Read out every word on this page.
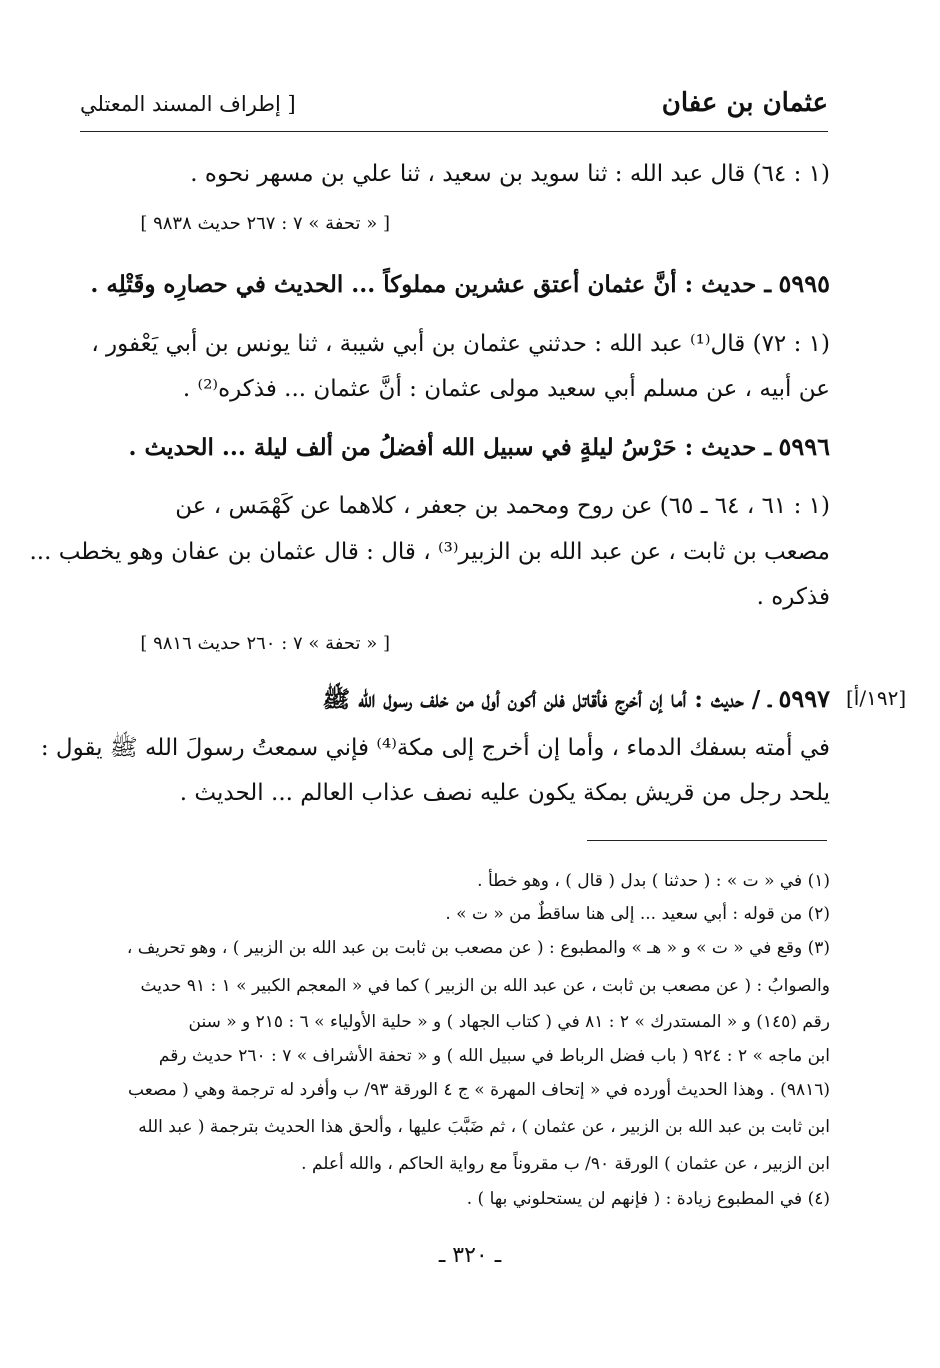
عثمان بن عفان
[ إطراف المسند المعتلي
(١ : ٦٤) قال عبد الله : ثنا سويد بن سعيد ، ثنا علي بن مسهر نحوه .
[ « تحفة » ٧ : ٢٦٧ حديث ٩٨٣٨ ]
٥٩٩٥ ـ حديث : أنَّ عثمان أعتق عشرين مملوكاً ... الحديث في حصارِه وقَتْلِه .
(١ : ٧٢) قال⁽¹⁾ عبد الله : حدثني عثمان بن أبي شيبة ، ثنا يونس بن أبي يَعْفور ،
عن أبيه ، عن مسلم أبي سعيد مولى عثمان : أنَّ عثمان ... فذكره⁽²⁾ .
٥٩٩٦ ـ حديث : حَرْسُ ليلةٍ في سبيل الله أفضلُ من ألف ليلة ... الحديث .
(١ : ٦١ ، ٦٤ ـ ٦٥) عن روح ومحمد بن جعفر ، كلاهما عن كَهْمَس ، عن
مصعب بن ثابت ، عن عبد الله بن الزبير⁽³⁾ ، قال : قال عثمان بن عفان وهو يخطب ...
فذكره .
[ « تحفة » ٧ : ٢٦٠ حديث ٩٨١٦ ]
[١٩٢/أ]
٥٩٩٧ ـ / حديث : أما إن أخرج فأقاتل فلن أكون أول من خلف رسول الله ﷺ
في أمته بسفك الدماء ، وأما إن أخرج إلى مكة⁽⁴⁾ فإني سمعتُ رسولَ الله ﷺ يقول :
يلحد رجل من قريش بمكة يكون عليه نصف عذاب العالم ... الحديث .
(١) في « ت » : ( حدثنا ) بدل ( قال ) ، وهو خطأ .
(٢) من قوله : أبي سعيد ... إلى هنا ساقطٌ من « ت » .
(٣) وقع في « ت » و « هـ » والمطبوع : ( عن مصعب بن ثابت بن عبد الله بن الزبير ) ، وهو تحريف ،
والصوابُ : ( عن مصعب بن ثابت ، عن عبد الله بن الزبير ) كما في « المعجم الكبير » ١ : ٩١ حديث
رقم (١٤٥) و « المستدرك » ٢ : ٨١ في ( كتاب الجهاد ) و « حلية الأولياء » ٦ : ٢١٥ و « سنن
ابن ماجه » ٢ : ٩٢٤ ( باب فضل الرباط في سبيل الله ) و « تحفة الأشراف » ٧ : ٢٦٠ حديث رقم
(٩٨١٦) . وهذا الحديث أورده في « إتحاف المهرة » ج ٤ الورقة ٩٣/ ب وأفرد له ترجمة وهي ( مصعب
ابن ثابت بن عبد الله بن الزبير ، عن عثمان ) ، ثم ضَبَّبَ عليها ، وألحق هذا الحديث بترجمة ( عبد الله
ابن الزبير ، عن عثمان ) الورقة ٩٠/ ب مقروناً مع رواية الحاكم ، والله أعلم .
(٤) في المطبوع زيادة : ( فإنهم لن يستحلوني بها ) .
ـ ٣٢٠ ـ
